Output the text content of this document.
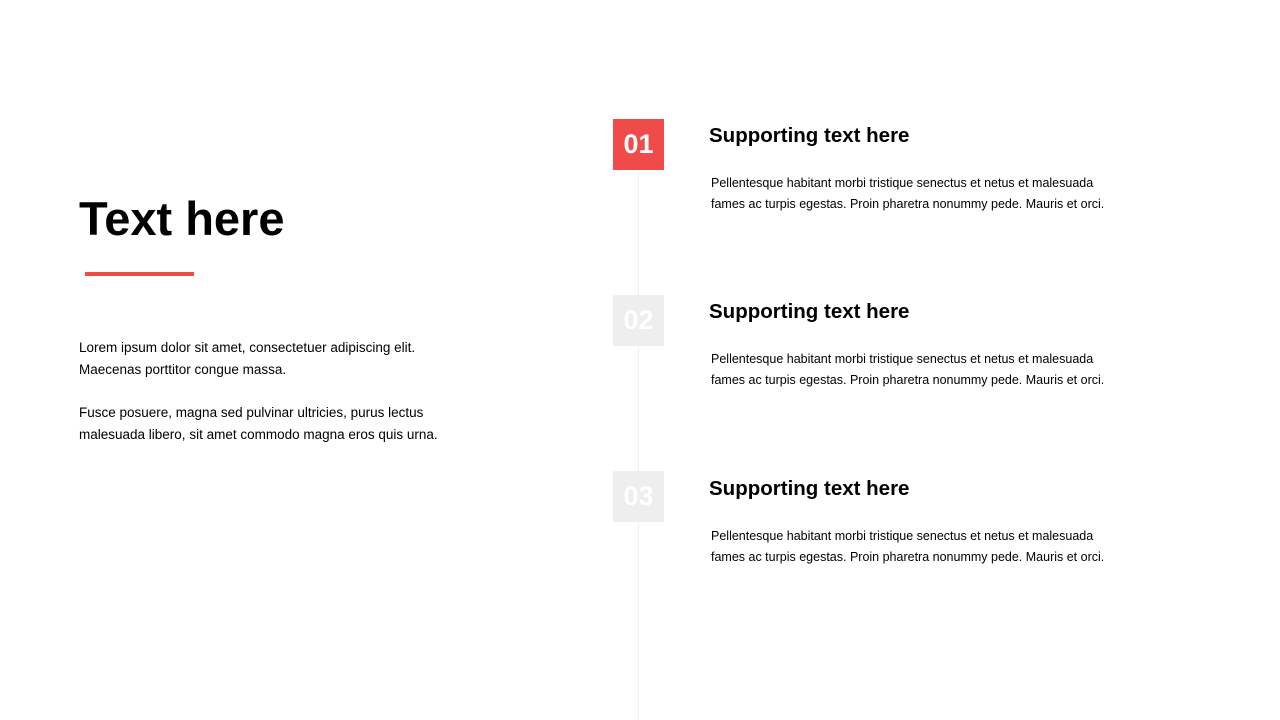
Text here

Lorem ipsum dolor sit amet, consectetuer adipiscing elit. Maecenas porttitor congue massa.

Fusce posuere, magna sed pulvinar ultricies, purus lectus malesuada libero, sit amet commodo magna eros quis urna.

01	Supporting text here

Pellentesque habitant morbi tristique senectus et netus et malesuada fames ac turpis egestas. Proin pharetra nonummy pede. Mauris et orci.

02	Supporting text here

Pellentesque habitant morbi tristique senectus et netus et malesuada fames ac turpis egestas. Proin pharetra nonummy pede. Mauris et orci.

03	Supporting text here

Pellentesque habitant morbi tristique senectus et netus et malesuada fames ac turpis egestas. Proin pharetra nonummy pede. Mauris et orci.
